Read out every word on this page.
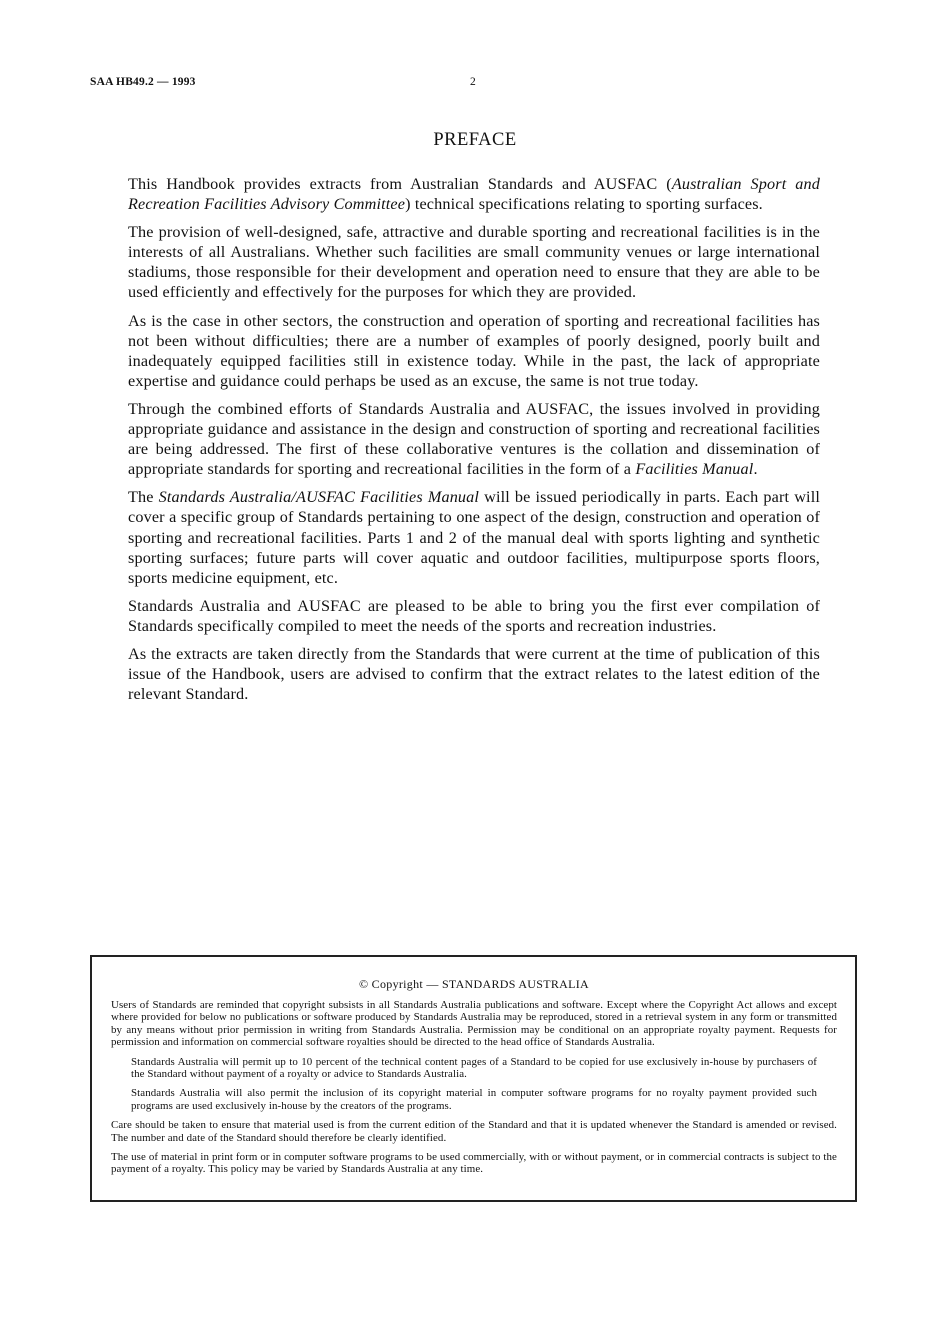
SAA HB49.2 — 1993	2
PREFACE

This Handbook provides extracts from Australian Standards and AUSFAC (Australian Sport and Recreation Facilities Advisory Committee) technical specifications relating to sporting surfaces.

The provision of well-designed, safe, attractive and durable sporting and recreational facilities is in the interests of all Australians. Whether such facilities are small community venues or large international stadiums, those responsible for their development and operation need to ensure that they are able to be used efficiently and effectively for the purposes for which they are provided.

As is the case in other sectors, the construction and operation of sporting and recreational facilities has not been without difficulties; there are a number of examples of poorly designed, poorly built and inadequately equipped facilities still in existence today. While in the past, the lack of appropriate expertise and guidance could perhaps be used as an excuse, the same is not true today.

Through the combined efforts of Standards Australia and AUSFAC, the issues involved in providing appropriate guidance and assistance in the design and construction of sporting and recreational facilities are being addressed. The first of these collaborative ventures is the collation and dissemination of appropriate standards for sporting and recreational facilities in the form of a Facilities Manual.

The Standards Australia/AUSFAC Facilities Manual will be issued periodically in parts. Each part will cover a specific group of Standards pertaining to one aspect of the design, construction and operation of sporting and recreational facilities. Parts 1 and 2 of the manual deal with sports lighting and synthetic sporting surfaces; future parts will cover aquatic and outdoor facilities, multipurpose sports floors, sports medicine equipment, etc.

Standards Australia and AUSFAC are pleased to be able to bring you the first ever compilation of Standards specifically compiled to meet the needs of the sports and recreation industries.

As the extracts are taken directly from the Standards that were current at the time of publication of this issue of the Handbook, users are advised to confirm that the extract relates to the latest edition of the relevant Standard.

© Copyright — STANDARDS AUSTRALIA

Users of Standards are reminded that copyright subsists in all Standards Australia publications and software. Except where the Copyright Act allows and except where provided for below no publications or software produced by Standards Australia may be reproduced, stored in a retrieval system in any form or transmitted by any means without prior permission in writing from Standards Australia. Permission may be conditional on an appropriate royalty payment. Requests for permission and information on commercial software royalties should be directed to the head office of Standards Australia.

Standards Australia will permit up to 10 percent of the technical content pages of a Standard to be copied for use exclusively in-house by purchasers of the Standard without payment of a royalty or advice to Standards Australia.

Standards Australia will also permit the inclusion of its copyright material in computer software programs for no royalty payment provided such programs are used exclusively in-house by the creators of the programs.

Care should be taken to ensure that material used is from the current edition of the Standard and that it is updated whenever the Standard is amended or revised. The number and date of the Standard should therefore be clearly identified.

The use of material in print form or in computer software programs to be used commercially, with or without payment, or in commercial contracts is subject to the payment of a royalty. This policy may be varied by Standards Australia at any time.
